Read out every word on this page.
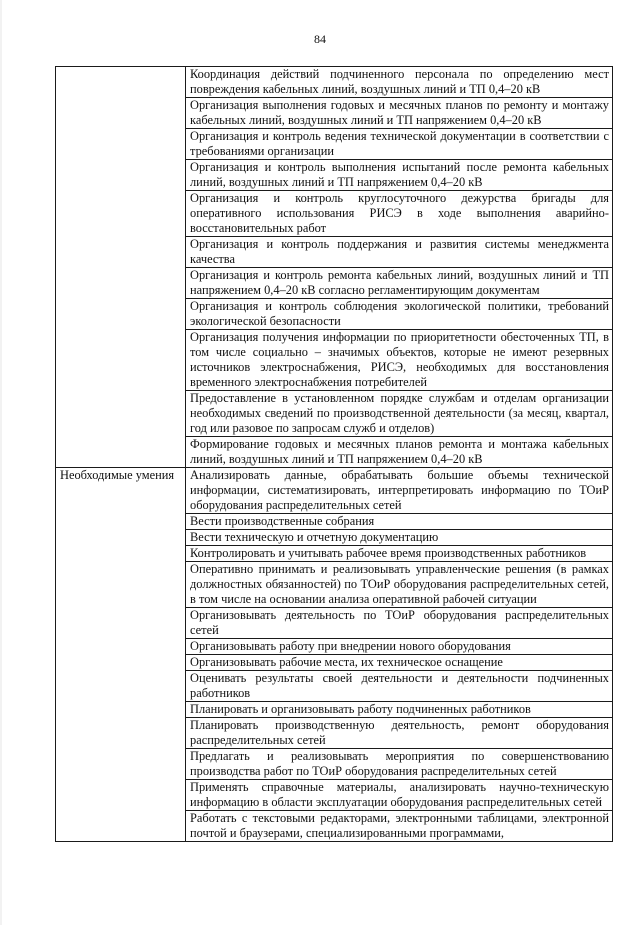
84
	Координация действий подчиненного персонала по определению мест повреждения кабельных линий, воздушных линий и ТП 0,4–20 кВ
	Организация выполнения годовых и месячных планов по ремонту и монтажу кабельных линий, воздушных линий и ТП напряжением 0,4–20 кВ
	Организация и контроль ведения технической документации в соответствии с требованиями организации
	Организация и контроль выполнения испытаний после ремонта кабельных линий, воздушных линий и ТП напряжением 0,4–20 кВ
	Организация и контроль круглосуточного дежурства бригады для оперативного использования РИСЭ в ходе выполнения аварийно-восстановительных работ
	Организация и контроль поддержания и развития системы менеджмента качества
	Организация и контроль ремонта кабельных линий, воздушных линий и ТП напряжением 0,4–20 кВ согласно регламентирующим документам
	Организация и контроль соблюдения экологической политики, требований экологической безопасности
	Организация получения информации по приоритетности обесточенных ТП, в том числе социально – значимых объектов, которые не имеют резервных источников электроснабжения, РИСЭ, необходимых для восстановления временного электроснабжения потребителей
	Предоставление в установленном порядке службам и отделам организации необходимых сведений по производственной деятельности (за месяц, квартал, год или разовое по запросам служб и отделов)
	Формирование годовых и месячных планов ремонта и монтажа кабельных линий, воздушных линий и ТП напряжением 0,4–20 кВ
Необходимые умения	Анализировать данные, обрабатывать большие объемы технической информации, систематизировать, интерпретировать информацию по ТОиР оборудования распределительных сетей
	Вести производственные собрания
	Вести техническую и отчетную документацию
	Контролировать и учитывать рабочее время производственных работников
	Оперативно принимать и реализовывать управленческие решения (в рамках должностных обязанностей) по ТОиР оборудования распределительных сетей, в том числе на основании анализа оперативной рабочей ситуации
	Организовывать деятельность по ТОиР оборудования распределительных сетей
	Организовывать работу при внедрении нового оборудования
	Организовывать рабочие места, их техническое оснащение
	Оценивать результаты своей деятельности и деятельности подчиненных работников
	Планировать и организовывать работу подчиненных работников
	Планировать производственную деятельность, ремонт оборудования распределительных сетей
	Предлагать и реализовывать мероприятия по совершенствованию производства работ по ТОиР оборудования распределительных сетей
	Применять справочные материалы, анализировать научно-техническую информацию в области эксплуатации оборудования распределительных сетей
	Работать с текстовыми редакторами, электронными таблицами, электронной почтой и браузерами, специализированными программами,
